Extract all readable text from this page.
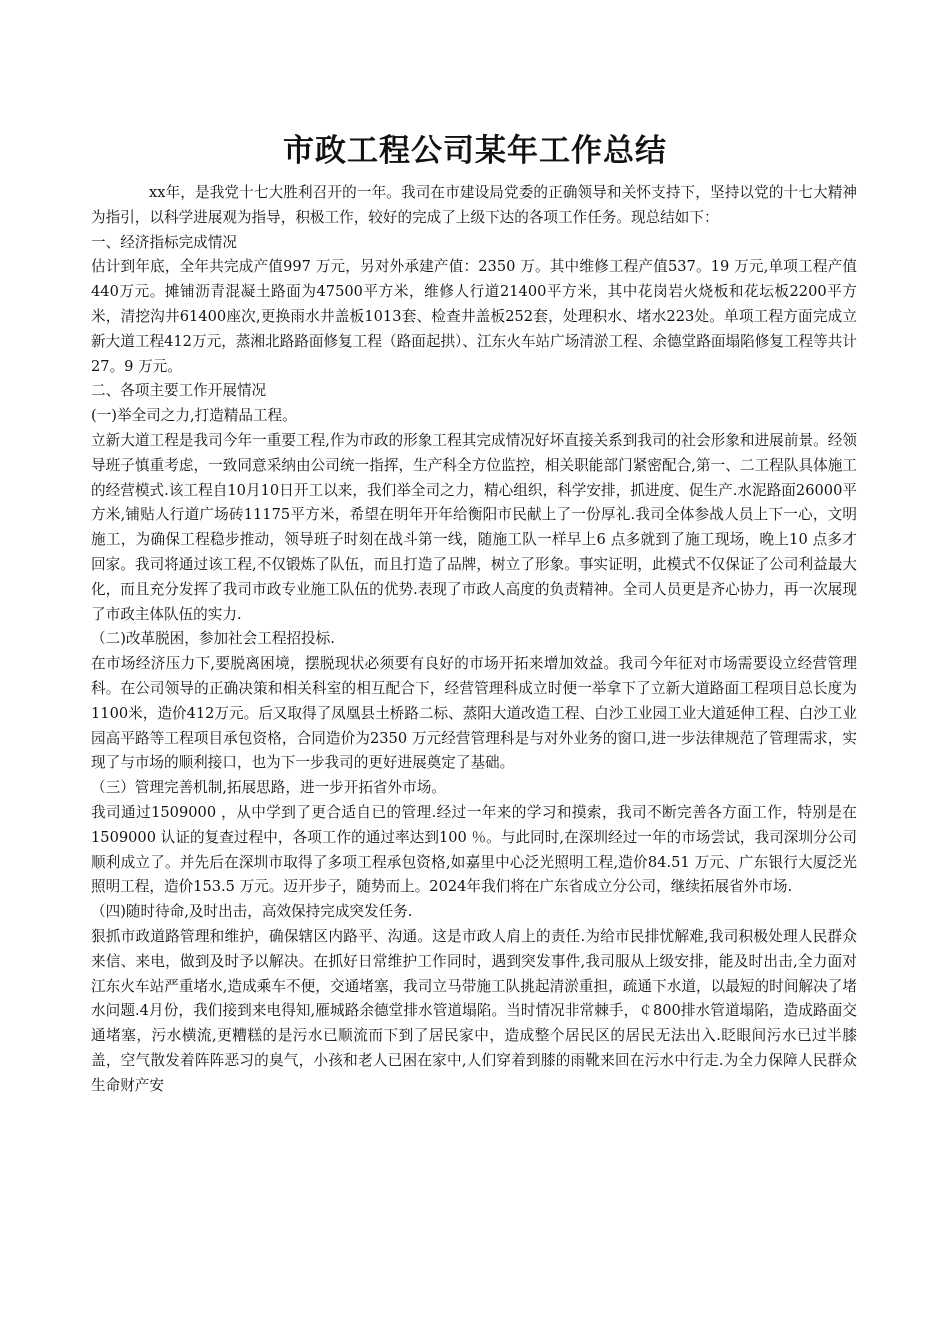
市政工程公司某年工作总结

xx年，是我党十七大胜利召开的一年。我司在市建设局党委的正确领导和关怀支持下，坚持以党的十七大精神为指引，以科学进展观为指导，积极工作，较好的完成了上级下达的各项工作任务。现总结如下：

一、经济指标完成情况

估计到年底，全年共完成产值997 万元，另对外承建产值：2350 万。其中维修工程产值537。19 万元,单项工程产值440万元。摊铺沥青混凝土路面为47500平方米，维修人行道21400平方米，其中花岗岩火烧板和花坛板2200平方米，清挖沟井61400座次,更换雨水井盖板1013套、检查井盖板252套，处理积水、堵水223处。单项工程方面完成立新大道工程412万元，蒸湘北路路面修复工程（路面起拱）、江东火车站广场清淤工程、余德堂路面塌陷修复工程等共计27。9 万元。

二、各项主要工作开展情况

(一)举全司之力,打造精品工程。

立新大道工程是我司今年一重要工程,作为市政的形象工程其完成情况好坏直接关系到我司的社会形象和进展前景。经领导班子慎重考虑，一致同意采纳由公司统一指挥，生产科全方位监控，相关职能部门紧密配合,第一、二工程队具体施工的经营模式.该工程自10月10日开工以来，我们举全司之力，精心组织，科学安排，抓进度、促生产.水泥路面26000平方米,铺贴人行道广场砖11175平方米，希望在明年开年给衡阳市民献上了一份厚礼.我司全体参战人员上下一心，文明施工，为确保工程稳步推动，领导班子时刻在战斗第一线，随施工队一样早上6 点多就到了施工现场，晚上10 点多才回家。我司将通过该工程,不仅锻炼了队伍，而且打造了品牌，树立了形象。事实证明，此模式不仅保证了公司利益最大化，而且充分发挥了我司市政专业施工队伍的优势.表现了市政人高度的负责精神。全司人员更是齐心协力，再一次展现了市政主体队伍的实力.

（二)改革脱困，参加社会工程招投标.

在市场经济压力下,要脱离困境，摆脱现状必须要有良好的市场开拓来增加效益。我司今年征对市场需要设立经营管理科。在公司领导的正确决策和相关科室的相互配合下，经营管理科成立时便一举拿下了立新大道路面工程项目总长度为1100米，造价412万元。后又取得了凤凰县土桥路二标、蒸阳大道改造工程、白沙工业园工业大道延伸工程、白沙工业园高平路等工程项目承包资格，合同造价为2350 万元经营管理科是与对外业务的窗口,进一步法律规范了管理需求，实现了与市场的顺利接口，也为下一步我司的更好进展奠定了基础。

（三）管理完善机制,拓展思路，进一步开拓省外市场。

我司通过1509000 ，从中学到了更合适自已的管理.经过一年来的学习和摸索，我司不断完善各方面工作，特别是在1509000 认证的复查过程中，各项工作的通过率达到100 ％。与此同时,在深圳经过一年的市场尝试，我司深圳分公司顺利成立了。并先后在深圳市取得了多项工程承包资格,如嘉里中心泛光照明工程,造价84.51 万元、广东银行大厦泛光照明工程，造价153.5 万元。迈开步子，随势而上。2024年我们将在广东省成立分公司，继续拓展省外市场.

（四)随时待命,及时出击，高效保持完成突发任务.

狠抓市政道路管理和维护，确保辖区内路平、沟通。这是市政人肩上的责任.为给市民排忧解难,我司积极处理人民群众来信、来电，做到及时予以解决。在抓好日常维护工作同时，遇到突发事件,我司服从上级安排，能及时出击,全力面对江东火车站严重堵水,造成乘车不便，交通堵塞，我司立马带施工队挑起清淤重担，疏通下水道，以最短的时间解决了堵水问题.4月份，我们接到来电得知,雁城路余德堂排水管道塌陷。当时情况非常棘手，￠800排水管道塌陷，造成路面交通堵塞，污水横流,更糟糕的是污水已顺流而下到了居民家中，造成整个居民区的居民无法出入.眨眼间污水已过半膝盖，空气散发着阵阵恶习的臭气，小孩和老人已困在家中,人们穿着到膝的雨靴来回在污水中行走.为全力保障人民群众生命财产安
